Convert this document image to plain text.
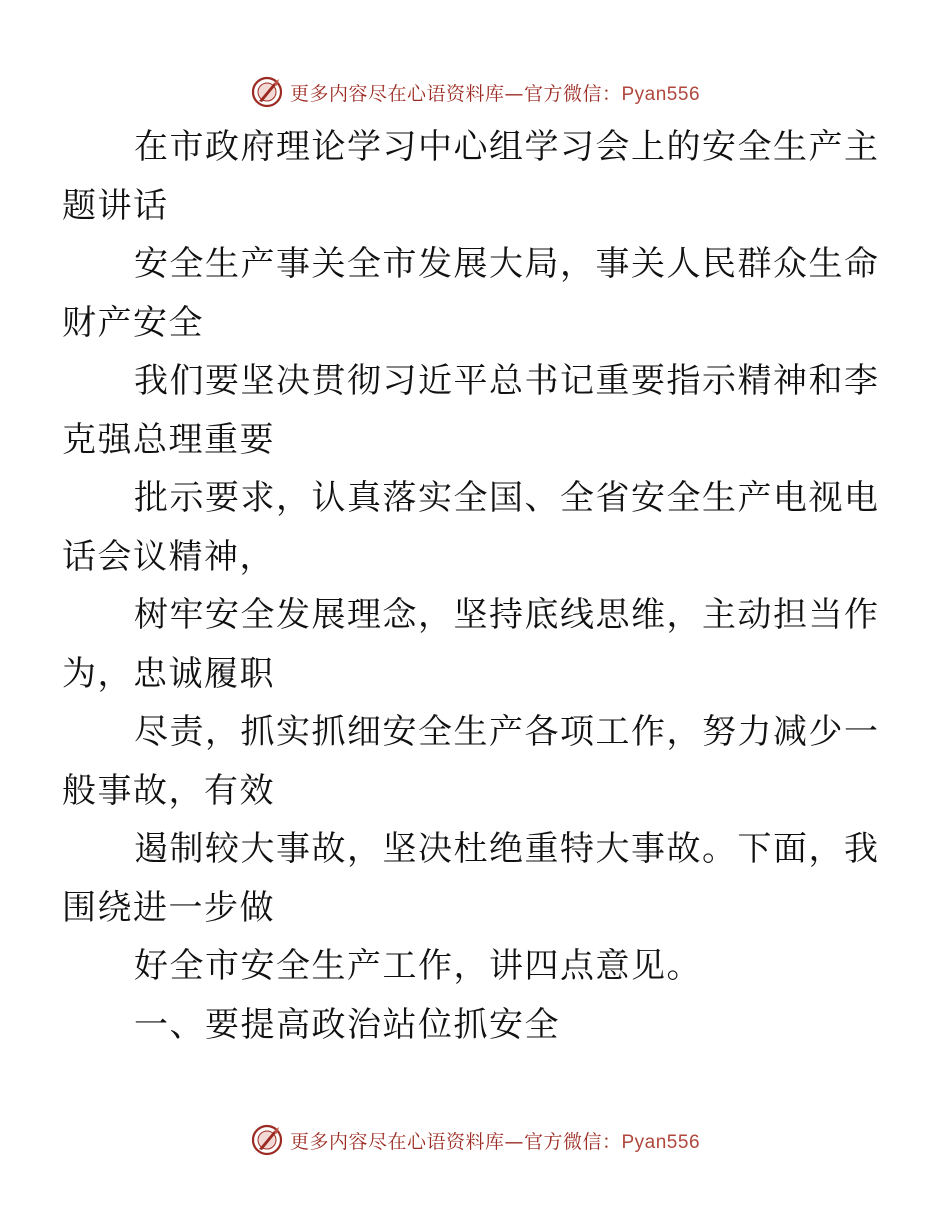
更多内容尽在心语资料库—官方微信：Pyan556

在市政府理论学习中心组学习会上的安全生产主
题讲话

安全生产事关全市发展大局，事关人民群众生命
财产安全

我们要坚决贯彻习近平总书记重要指示精神和李
克强总理重要

批示要求，认真落实全国、全省安全生产电视电
话会议精神，

树牢安全发展理念，坚持底线思维，主动担当作
为，忠诚履职

尽责，抓实抓细安全生产各项工作，努力减少一
般事故，有效

遏制较大事故，坚决杜绝重特大事故。下面，我
围绕进一步做

好全市安全生产工作，讲四点意见。

一、要提高政治站位抓安全

更多内容尽在心语资料库—官方微信：Pyan556
